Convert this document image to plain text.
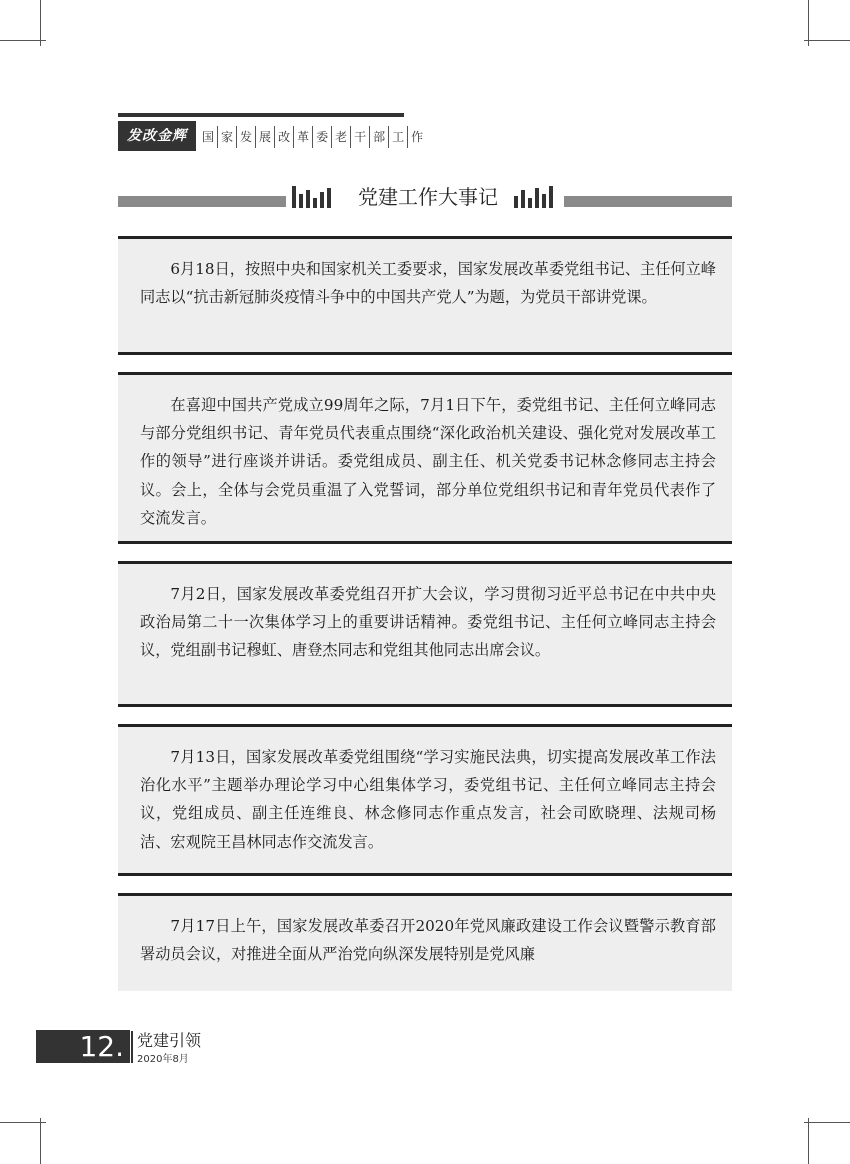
发改金辉	国 家 发 展 改 革 委 老 干 部 工 作
党建工作大事记

6月18日，按照中央和国家机关工委要求，国家发展改革委党组书记、主任何立峰同志以“抗击新冠肺炎疫情斗争中的中国共产党人”为题，为党员干部讲党课。

在喜迎中国共产党成立99周年之际，7月1日下午，委党组书记、主任何立峰同志与部分党组织书记、青年党员代表重点围绕“深化政治机关建设、强化党对发展改革工作的领导”进行座谈并讲话。委党组成员、副主任、机关党委书记林念修同志主持会议。会上，全体与会党员重温了入党誓词，部分单位党组织书记和青年党员代表作了交流发言。

7月2日，国家发展改革委党组召开扩大会议，学习贯彻习近平总书记在中共中央政治局第二十一次集体学习上的重要讲话精神。委党组书记、主任何立峰同志主持会议，党组副书记穆虹、唐登杰同志和党组其他同志出席会议。

7月13日，国家发展改革委党组围绕“学习实施民法典，切实提高发展改革工作法治化水平”主题举办理论学习中心组集体学习，委党组书记、主任何立峰同志主持会议，党组成员、副主任连维良、林念修同志作重点发言，社会司欧晓理、法规司杨洁、宏观院王昌林同志作交流发言。

7月17日上午，国家发展改革委召开2020年党风廉政建设工作会议暨警示教育部署动员会议，对推进全面从严治党向纵深发展特别是党风廉

12. 党建引领
2020年8月
